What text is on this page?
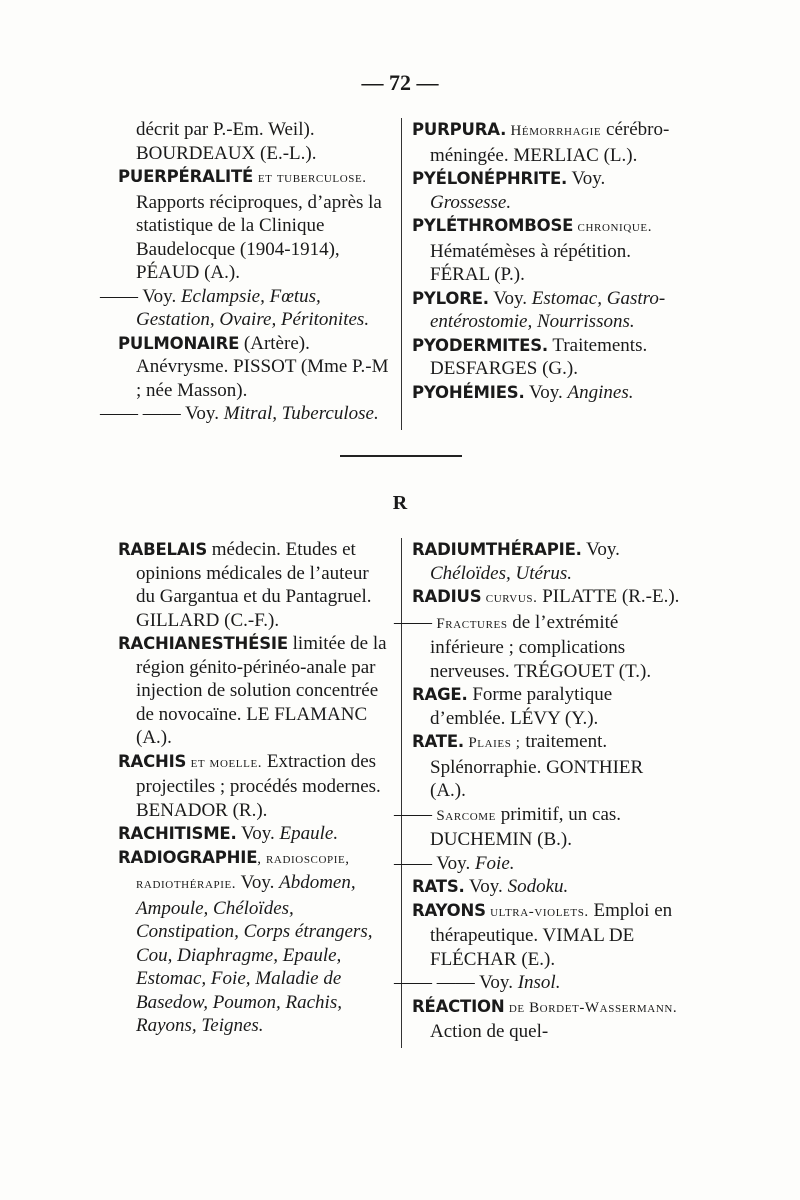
— 72 —

décrit par P.-Em. Weil). BOURDEAUX (E.-L.).

PUERPÉRALITÉ et tuberculose. Rapports réciproques, d’après la statistique de la Clinique Baudelocque (1904-1914), PÉAUD (A.).

—— Voy. Eclampsie, Fœtus, Gestation, Ovaire, Péritonites.

PULMONAIRE (Artère). Anévrysme. PISSOT (Mme P.-M ; née Masson).

—— —— Voy. Mitral, Tuberculose.

PURPURA. Hémorrhagie cérébro-méningée. MERLIAC (L.).

PYÉLONÉPHRITE. Voy. Grossesse.

PYLÉTHROMBOSE chronique. Hématémèses à répétition. FÉRAL (P.).

PYLORE. Voy. Estomac, Gastro-entérostomie, Nourrissons.

PYODERMITES. Traitements. DESFARGES (G.).

PYOHÉMIES. Voy. Angines.

R

RABELAIS médecin. Etudes et opinions médicales de l’auteur du Gargantua et du Pantagruel. GILLARD (C.-F.).

RACHIANESTHÉSIE limitée de la région génito-périnéo-anale par injection de solution concentrée de novocaïne. LE FLAMANC (A.).

RACHIS et moelle. Extraction des projectiles ; procédés modernes. BENADOR (R.).

RACHITISME. Voy. Epaule.

RADIOGRAPHIE, radioscopie, radiothérapie. Voy. Abdomen, Ampoule, Chéloïdes, Constipation, Corps étrangers, Cou, Diaphragme, Epaule, Estomac, Foie, Maladie de Basedow, Poumon, Rachis, Rayons, Teignes.

RADIUMTHÉRAPIE. Voy. Chéloïdes, Utérus.

RADIUS curvus. PILATTE (R.-E.).

—— Fractures de l’extrémité inférieure ; complications nerveuses. TRÉGOUET (T.).

RAGE. Forme paralytique d’emblée. LÉVY (Y.).

RATE. Plaies ; traitement. Splénorraphie. GONTHIER (A.).

—— Sarcome primitif, un cas. DUCHEMIN (B.).

—— Voy. Foie.

RATS. Voy. Sodoku.

RAYONS ultra-violets. Emploi en thérapeutique. VIMAL DE FLÉCHAR (E.).

—— —— Voy. Insol.

RÉACTION de Bordet-Wassermann. Action de quel-
